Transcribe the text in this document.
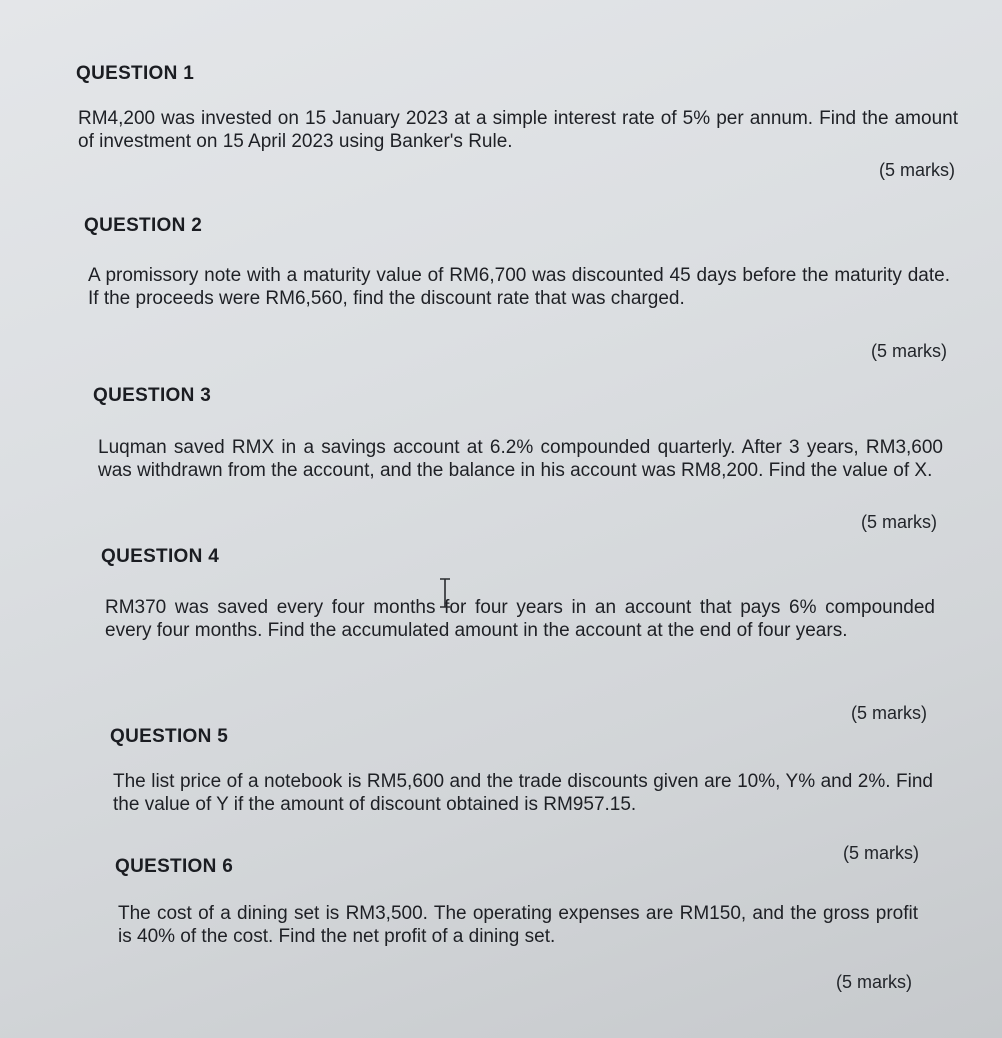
QUESTION 1
RM4,200 was invested on 15 January 2023 at a simple interest rate of 5% per annum. Find the amount of investment on 15 April 2023 using Banker's Rule.
(5 marks)
QUESTION 2
A promissory note with a maturity value of RM6,700 was discounted 45 days before the maturity date. If the proceeds were RM6,560, find the discount rate that was charged.
(5 marks)
QUESTION 3
Luqman saved RMX in a savings account at 6.2% compounded quarterly. After 3 years, RM3,600 was withdrawn from the account, and the balance in his account was RM8,200. Find the value of X.
(5 marks)
QUESTION 4
RM370 was saved every four months for four years in an account that pays 6% compounded every four months. Find the accumulated amount in the account at the end of four years.
(5 marks)
QUESTION 5
The list price of a notebook is RM5,600 and the trade discounts given are 10%, Y% and 2%. Find the value of Y if the amount of discount obtained is RM957.15.
(5 marks)
QUESTION 6
The cost of a dining set is RM3,500. The operating expenses are RM150, and the gross profit is 40% of the cost. Find the net profit of a dining set.
(5 marks)
